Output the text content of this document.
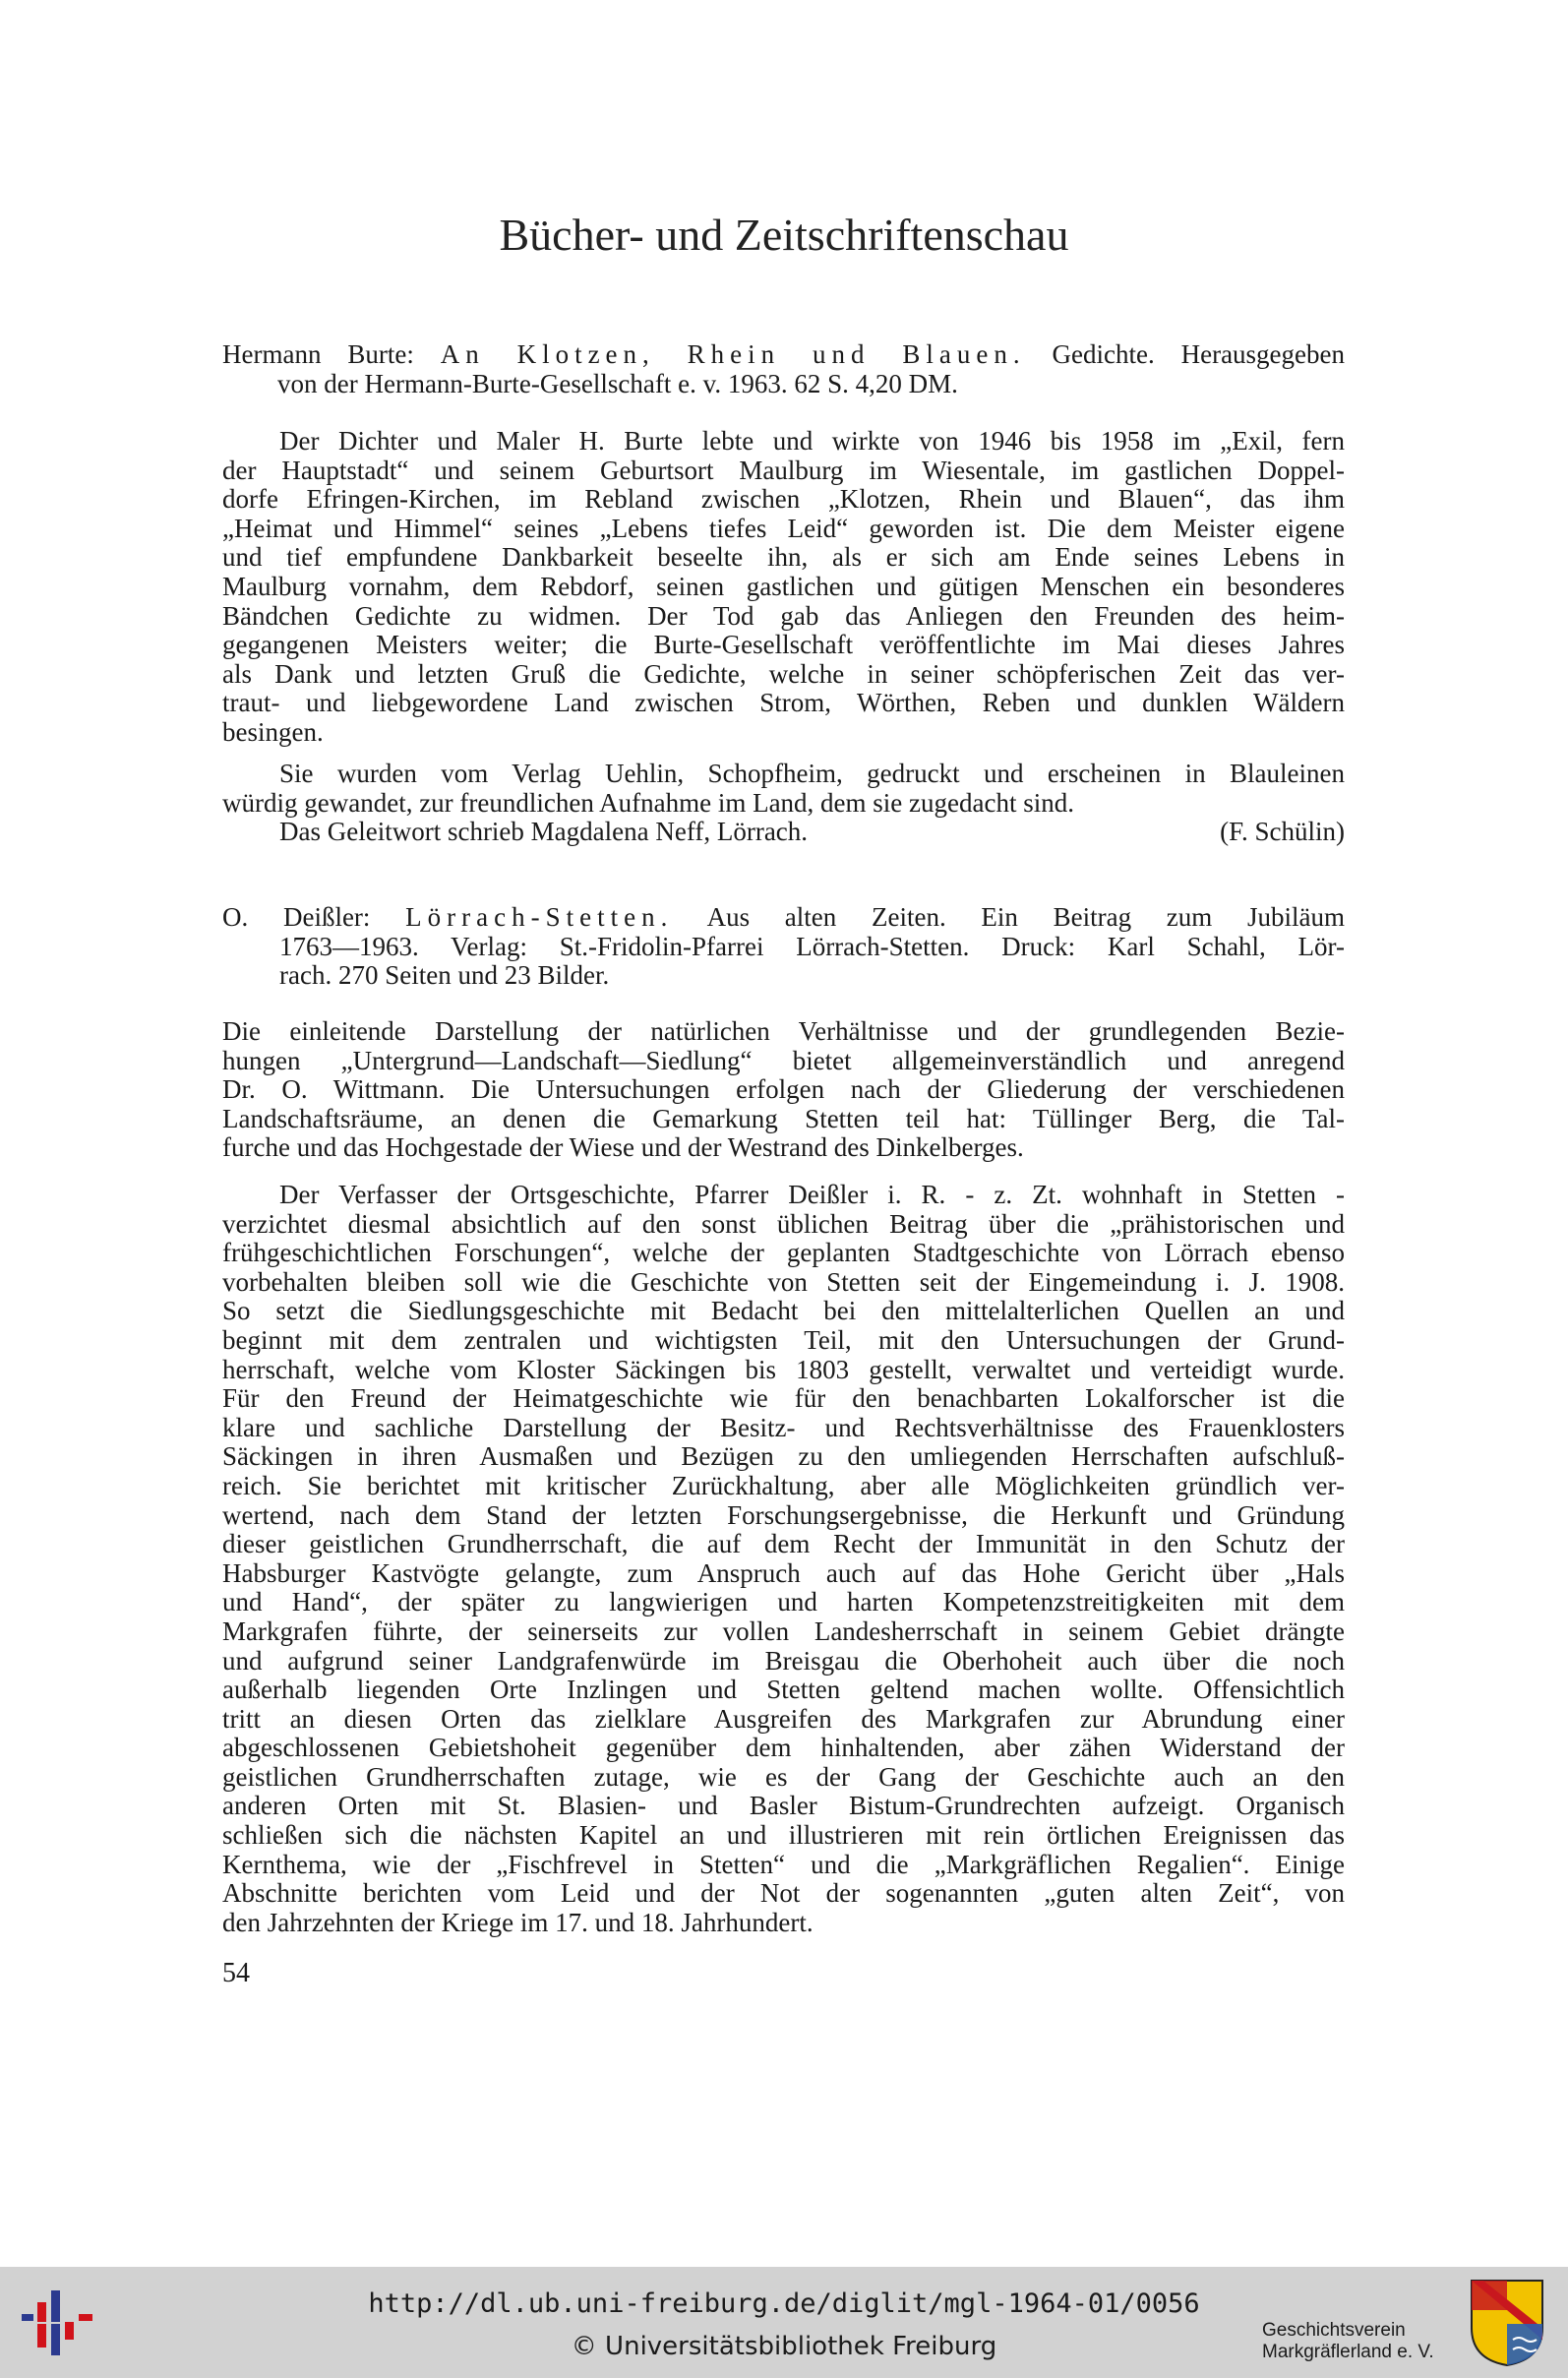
Bücher- und Zeitschriftenschau
Hermann Burte: An Klotzen, Rhein und Blauen. Gedichte. Herausgegeben
von der Hermann-Burte-Gesellschaft e. v. 1963. 62 S. 4,20 DM.
Der Dichter und Maler H. Burte lebte und wirkte von 1946 bis 1958 im „Exil, fern
der Hauptstadt“ und seinem Geburtsort Maulburg im Wiesentale, im gastlichen Doppel-
dorfe Efringen-Kirchen, im Rebland zwischen „Klotzen, Rhein und Blauen“, das ihm
„Heimat und Himmel“ seines „Lebens tiefes Leid“ geworden ist. Die dem Meister eigene
und tief empfundene Dankbarkeit beseelte ihn, als er sich am Ende seines Lebens in
Maulburg vornahm, dem Rebdorf, seinen gastlichen und gütigen Menschen ein besonderes
Bändchen Gedichte zu widmen. Der Tod gab das Anliegen den Freunden des heim-
gegangenen Meisters weiter; die Burte-Gesellschaft veröffentlichte im Mai dieses Jahres
als Dank und letzten Gruß die Gedichte, welche in seiner schöpferischen Zeit das ver-
traut- und liebgewordene Land zwischen Strom, Wörthen, Reben und dunklen Wäldern
besingen.
Sie wurden vom Verlag Uehlin, Schopfheim, gedruckt und erscheinen in Blauleinen
würdig gewandet, zur freundlichen Aufnahme im Land, dem sie zugedacht sind.
Das Geleitwort schrieb Magdalena Neff, Lörrach.	(F. Schülin)
O. Deißler: Lörrach-Stetten. Aus alten Zeiten. Ein Beitrag zum Jubiläum
1763—1963. Verlag: St.-Fridolin-Pfarrei Lörrach-Stetten. Druck: Karl Schahl, Lör-
rach. 270 Seiten und 23 Bilder.
Die einleitende Darstellung der natürlichen Verhältnisse und der grundlegenden Bezie-
hungen „Untergrund—Landschaft—Siedlung“ bietet allgemeinverständlich und anregend
Dr. O. Wittmann. Die Untersuchungen erfolgen nach der Gliederung der verschiedenen
Landschaftsräume, an denen die Gemarkung Stetten teil hat: Tüllinger Berg, die Tal-
furche und das Hochgestade der Wiese und der Westrand des Dinkelberges.
Der Verfasser der Ortsgeschichte, Pfarrer Deißler i. R. - z. Zt. wohnhaft in Stetten -
verzichtet diesmal absichtlich auf den sonst üblichen Beitrag über die „prähistorischen und
frühgeschichtlichen Forschungen“, welche der geplanten Stadtgeschichte von Lörrach ebenso
vorbehalten bleiben soll wie die Geschichte von Stetten seit der Eingemeindung i. J. 1908.
So setzt die Siedlungsgeschichte mit Bedacht bei den mittelalterlichen Quellen an und
beginnt mit dem zentralen und wichtigsten Teil, mit den Untersuchungen der Grund-
herrschaft, welche vom Kloster Säckingen bis 1803 gestellt, verwaltet und verteidigt wurde.
Für den Freund der Heimatgeschichte wie für den benachbarten Lokalforscher ist die
klare und sachliche Darstellung der Besitz- und Rechtsverhältnisse des Frauenklosters
Säckingen in ihren Ausmaßen und Bezügen zu den umliegenden Herrschaften aufschluß-
reich. Sie berichtet mit kritischer Zurückhaltung, aber alle Möglichkeiten gründlich ver-
wertend, nach dem Stand der letzten Forschungsergebnisse, die Herkunft und Gründung
dieser geistlichen Grundherrschaft, die auf dem Recht der Immunität in den Schutz der
Habsburger Kastvögte gelangte, zum Anspruch auch auf das Hohe Gericht über „Hals
und Hand“, der später zu langwierigen und harten Kompetenzstreitigkeiten mit dem
Markgrafen führte, der seinerseits zur vollen Landesherrschaft in seinem Gebiet drängte
und aufgrund seiner Landgrafenwürde im Breisgau die Oberhoheit auch über die noch
außerhalb liegenden Orte Inzlingen und Stetten geltend machen wollte. Offensichtlich
tritt an diesen Orten das zielklare Ausgreifen des Markgrafen zur Abrundung einer
abgeschlossenen Gebietshoheit gegenüber dem hinhaltenden, aber zähen Widerstand der
geistlichen Grundherrschaften zutage, wie es der Gang der Geschichte auch an den
anderen Orten mit St. Blasien- und Basler Bistum-Grundrechten aufzeigt. Organisch
schließen sich die nächsten Kapitel an und illustrieren mit rein örtlichen Ereignissen das
Kernthema, wie der „Fischfrevel in Stetten“ und die „Markgräflichen Regalien“. Einige
Abschnitte berichten vom Leid und der Not der sogenannten „guten alten Zeit“, von
den Jahrzehnten der Kriege im 17. und 18. Jahrhundert.
54
http://dl.ub.uni-freiburg.de/diglit/mgl-1964-01/0056
© Universitätsbibliothek Freiburg
Geschichtsverein
Markgräflerland e. V.
